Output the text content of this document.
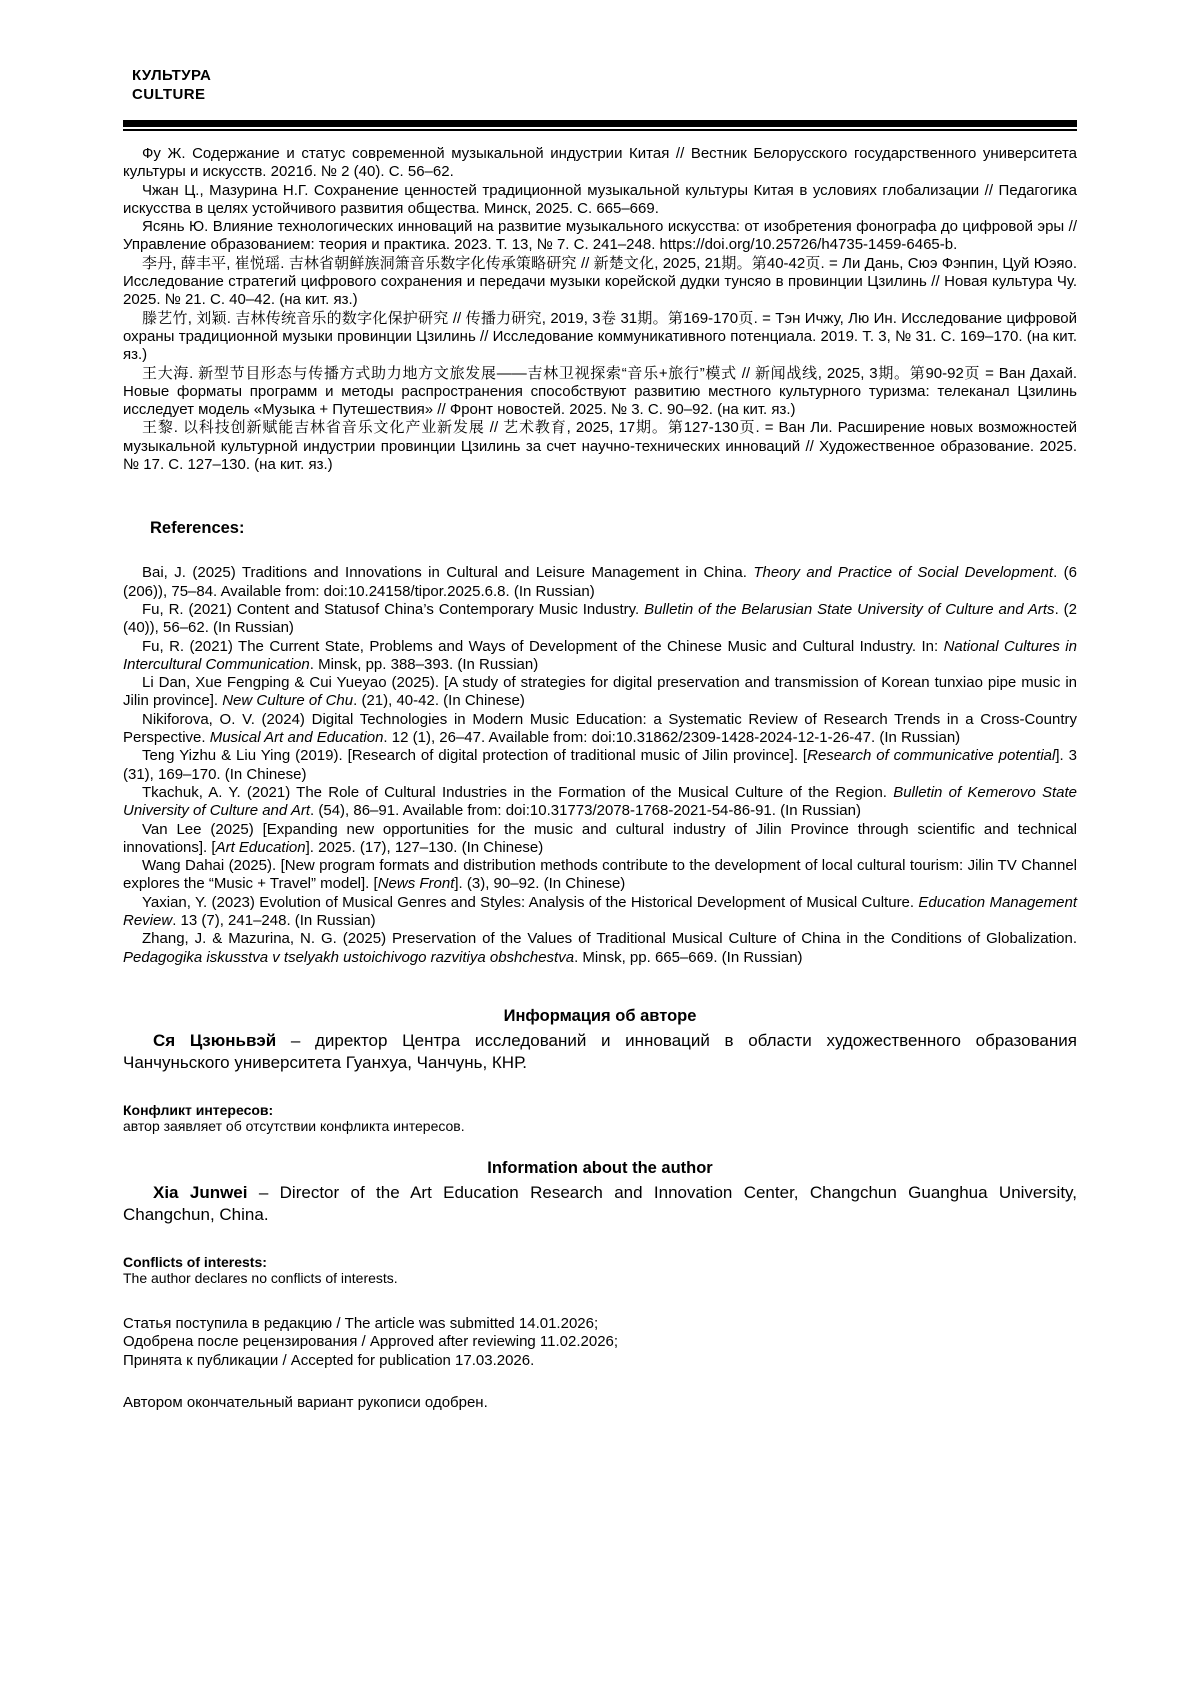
КУЛЬТУРА
CULTURE

Фу Ж. Содержание и статус современной музыкальной индустрии Китая // Вестник Белорусского государственного университета культуры и искусств. 2021б. № 2 (40). С. 56–62.

Чжан Ц., Мазурина Н.Г. Сохранение ценностей традиционной музыкальной культуры Китая в условиях глобализации // Педагогика искусства в целях устойчивого развития общества. Минск, 2025. С. 665–669.

Ясянь Ю. Влияние технологических инноваций на развитие музыкального искусства: от изобретения фонографа до цифровой эры // Управление образованием: теория и практика. 2023. Т. 13, № 7. С. 241–248. https://doi.org/10.25726/h4735-1459-6465-b.

李丹, 薛丰平, 崔悦瑶. 吉林省朝鲜族洞箫音乐数字化传承策略研究 // 新楚文化, 2025, 21期。第40-42页. = Ли Дань, Сюэ Фэнпин, Цуй Юэяо. Исследование стратегий цифрового сохранения и передачи музыки корейской дудки тунсяо в провинции Цзилинь // Новая культура Чу. 2025. № 21. С. 40–42. (на кит. яз.)

滕艺竹, 刘颖. 吉林传统音乐的数字化保护研究 // 传播力研究, 2019, 3卷 31期。第169-170页. = Тэн Ичжу, Лю Ин. Исследование цифровой охраны традиционной музыки провинции Цзилинь // Исследование коммуникативного потенциала. 2019. Т. 3, № 31. С. 169–170. (на кит. яз.)

王大海. 新型节目形态与传播方式助力地方文旅发展——吉林卫视探索“音乐+旅行”模式 // 新闻战线, 2025, 3期。第90-92页 = Ван Дахай. Новые форматы программ и методы распространения способствуют развитию местного культурного туризма: телеканал Цзилинь исследует модель «Музыка + Путешествия» // Фронт новостей. 2025. № 3. С. 90–92. (на кит. яз.)

王黎. 以科技创新赋能吉林省音乐文化产业新发展 // 艺术教育, 2025, 17期。第127-130页. = Ван Ли. Расширение новых возможностей музыкальной культурной индустрии провинции Цзилинь за счет научно-технических инноваций // Художественное образование. 2025. № 17. С. 127–130. (на кит. яз.)

References:

Bai, J. (2025) Traditions and Innovations in Cultural and Leisure Management in China. Theory and Practice of Social Development. (6 (206)), 75–84. Available from: doi:10.24158/tipor.2025.6.8. (In Russian)

Fu, R. (2021) Content and Statusof China’s Contemporary Music Industry. Bulletin of the Belarusian State University of Culture and Arts. (2 (40)), 56–62. (In Russian)

Fu, R. (2021) The Current State, Problems and Ways of Development of the Chinese Music and Cultural Industry. In: National Cultures in Intercultural Communication. Minsk, pp. 388–393. (In Russian)

Li Dan, Xue Fengping & Cui Yueyao (2025). [A study of strategies for digital preservation and transmission of Korean tunxiao pipe music in Jilin province]. New Culture of Chu. (21), 40-42. (In Chinese)

Nikiforova, O. V. (2024) Digital Technologies in Modern Music Education: a Systematic Review of Research Trends in a Cross-Country Perspective. Musical Art and Education. 12 (1), 26–47. Available from: doi:10.31862/2309-1428-2024-12-1-26-47. (In Russian)

Teng Yizhu & Liu Ying (2019). [Research of digital protection of traditional music of Jilin province]. [Research of communicative potential]. 3 (31), 169–170. (In Chinese)

Tkachuk, A. Y. (2021) The Role of Cultural Industries in the Formation of the Musical Culture of the Region. Bulletin of Kemerovo State University of Culture and Art. (54), 86–91. Available from: doi:10.31773/2078-1768-2021-54-86-91. (In Russian)

Van Lee (2025) [Expanding new opportunities for the music and cultural industry of Jilin Province through scientific and technical innovations]. [Art Education]. 2025. (17), 127–130. (In Chinese)

Wang Dahai (2025). [New program formats and distribution methods contribute to the development of local cultural tourism: Jilin TV Channel explores the “Music + Travel” model]. [News Front]. (3), 90–92. (In Chinese)

Yaxian, Y. (2023) Evolution of Musical Genres and Styles: Analysis of the Historical Development of Musical Culture. Education Management Review. 13 (7), 241–248. (In Russian)

Zhang, J. & Mazurina, N. G. (2025) Preservation of the Values of Traditional Musical Culture of China in the Conditions of Globalization. Pedagogika iskusstva v tselyakh ustoichivogo razvitiya obshchestva. Minsk, pp. 665–669. (In Russian)

Информация об авторе

Ся Цзюньвэй – директор Центра исследований и инноваций в области художественного образования Чанчуньского университета Гуанхуа, Чанчунь, КНР.

Конфликт интересов:

автор заявляет об отсутствии конфликта интересов.

Information about the author

Xia Junwei – Director of the Art Education Research and Innovation Center, Changchun Guanghua University, Changchun, China.

Conflicts of interests:

The author declares no conflicts of interests.

Статья поступила в редакцию / The article was submitted 14.01.2026;

Одобрена после рецензирования / Approved after reviewing 11.02.2026;

Принята к публикации / Accepted for publication 17.03.2026.

Автором окончательный вариант рукописи одобрен.
